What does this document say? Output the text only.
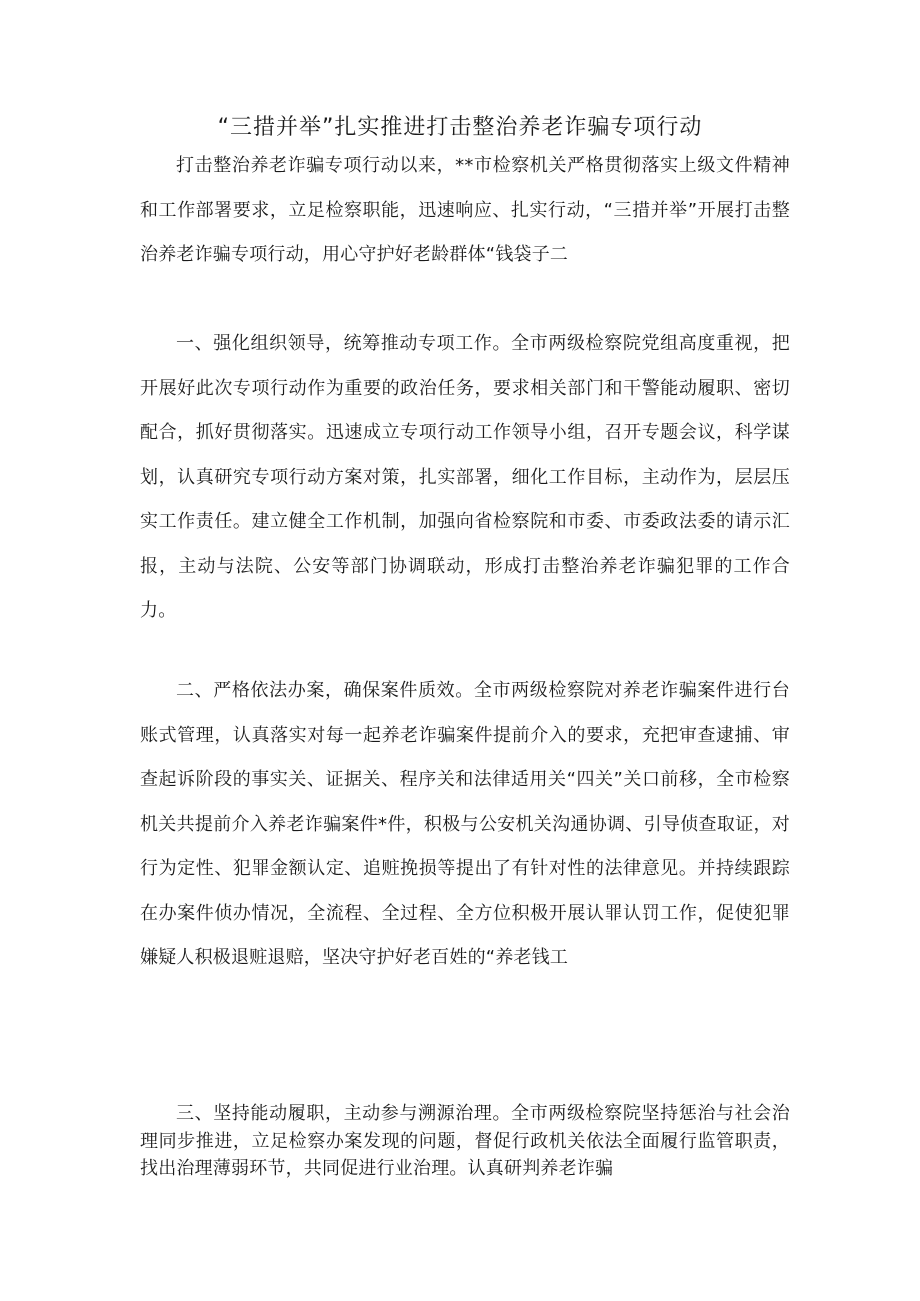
“三措并举”扎实推进打击整治养老诈骗专项行动

打击整治养老诈骗专项行动以来，**市检察机关严格贯彻落实上级文件精神和工作部署要求，立足检察职能，迅速响应、扎实行动，“三措并举”开展打击整治养老诈骗专项行动，用心守护好老龄群体“钱袋子二

一、强化组织领导，统筹推动专项工作。全市两级检察院党组高度重视，把开展好此次专项行动作为重要的政治任务，要求相关部门和干警能动履职、密切配合，抓好贯彻落实。迅速成立专项行动工作领导小组，召开专题会议，科学谋划，认真研究专项行动方案对策，扎实部署，细化工作目标，主动作为，层层压实工作责任。建立健全工作机制，加强向省检察院和市委、市委政法委的请示汇报，主动与法院、公安等部门协调联动，形成打击整治养老诈骗犯罪的工作合力。

二、严格依法办案，确保案件质效。全市两级检察院对养老诈骗案件进行台账式管理，认真落实对每一起养老诈骗案件提前介入的要求，充把审查逮捕、审查起诉阶段的事实关、证据关、程序关和法律适用关“四关”关口前移，全市检察机关共提前介入养老诈骗案件*件，积极与公安机关沟通协调、引导侦查取证，对行为定性、犯罪金额认定、追赃挽损等提出了有针对性的法律意见。并持续跟踪在办案件侦办情况，全流程、全过程、全方位积极开展认罪认罚工作，促使犯罪嫌疑人积极退赃退赔，坚决守护好老百姓的“养老钱工

三、坚持能动履职，主动参与溯源治理。全市两级检察院坚持惩治与社会治理同步推进，立足检察办案发现的问题，督促行政机关依法全面履行监管职责，找出治理薄弱环节，共同促进行业治理。认真研判养老诈骗
